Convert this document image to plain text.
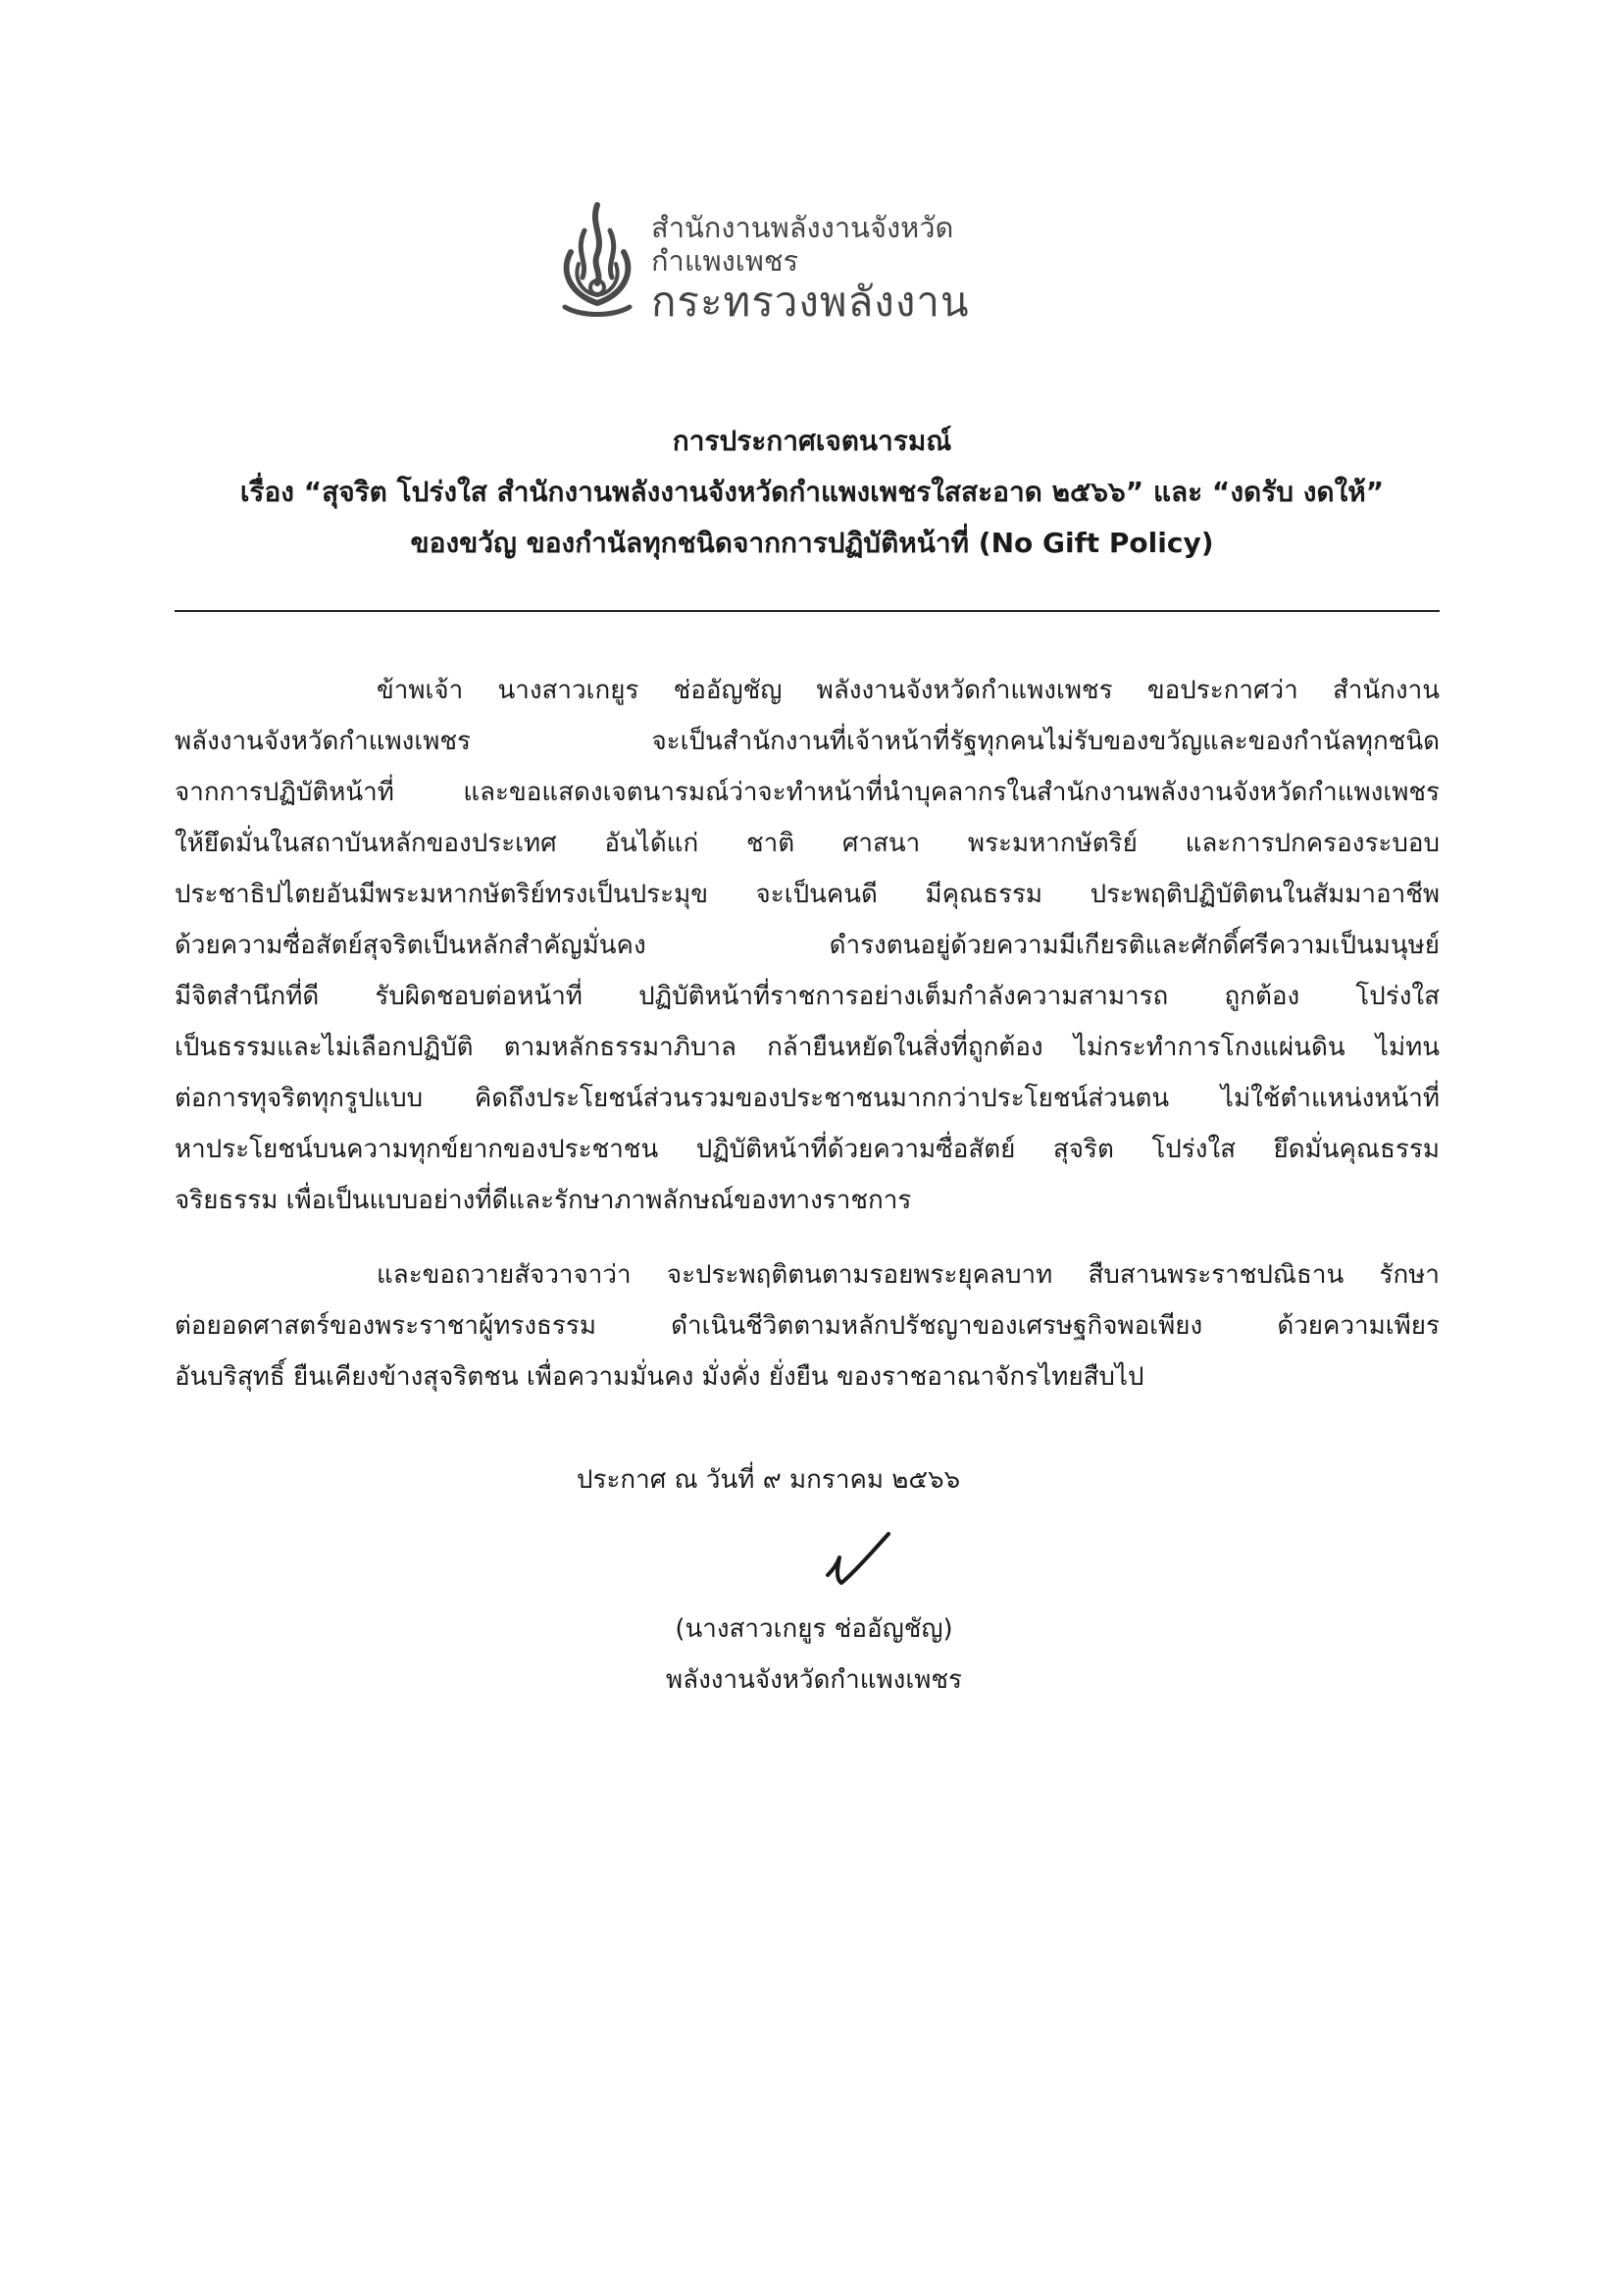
สำนักงานพลังงานจังหวัด
กำแพงเพชร
กระทรวงพลังงาน
การประกาศเจตนารมณ์
เรื่อง “สุจริต โปร่งใส สำนักงานพลังงานจังหวัดกำแพงเพชรใสสะอาด ๒๕๖๖” และ “งดรับ งดให้”
ของขวัญ ของกำนัลทุกชนิดจากการปฏิบัติหน้าที่ (No Gift Policy)
ข้าพเจ้า นางสาวเกยูร ช่ออัญชัญ พลังงานจังหวัดกำแพงเพชร ขอประกาศว่า สำนักงาน
พลังงานจังหวัดกำแพงเพชร จะเป็นสำนักงานที่เจ้าหน้าที่รัฐทุกคนไม่รับของขวัญและของกำนัลทุกชนิด
จากการปฏิบัติหน้าที่ และขอแสดงเจตนารมณ์ว่าจะทำหน้าที่นำบุคลากรในสำนักงานพลังงานจังหวัดกำแพงเพชร
ให้ยึดมั่นในสถาบันหลักของประเทศ อันได้แก่ ชาติ ศาสนา พระมหากษัตริย์ และการปกครองระบอบ
ประชาธิปไตยอันมีพระมหากษัตริย์ทรงเป็นประมุข จะเป็นคนดี มีคุณธรรม ประพฤติปฏิบัติตนในสัมมาอาชีพ
ด้วยความซื่อสัตย์สุจริตเป็นหลักสำคัญมั่นคง ดำรงตนอยู่ด้วยความมีเกียรติและศักดิ์ศรีความเป็นมนุษย์
มีจิตสำนึกที่ดี รับผิดชอบต่อหน้าที่ ปฏิบัติหน้าที่ราชการอย่างเต็มกำลังความสามารถ ถูกต้อง โปร่งใส
เป็นธรรมและไม่เลือกปฏิบัติ ตามหลักธรรมาภิบาล กล้ายืนหยัดในสิ่งที่ถูกต้อง ไม่กระทำการโกงแผ่นดิน ไม่ทน
ต่อการทุจริตทุกรูปแบบ คิดถึงประโยชน์ส่วนรวมของประชาชนมากกว่าประโยชน์ส่วนตน ไม่ใช้ตำแหน่งหน้าที่
หาประโยชน์บนความทุกข์ยากของประชาชน ปฏิบัติหน้าที่ด้วยความซื่อสัตย์ สุจริต โปร่งใส ยึดมั่นคุณธรรม
จริยธรรม เพื่อเป็นแบบอย่างที่ดีและรักษาภาพลักษณ์ของทางราชการ
และขอถวายสัจวาจาว่า จะประพฤติตนตามรอยพระยุคลบาท สืบสานพระราชปณิธาน รักษา
ต่อยอดศาสตร์ของพระราชาผู้ทรงธรรม ดำเนินชีวิตตามหลักปรัชญาของเศรษฐกิจพอเพียง ด้วยความเพียร
อันบริสุทธิ์ ยืนเคียงข้างสุจริตชน เพื่อความมั่นคง มั่งคั่ง ยั่งยืน ของราชอาณาจักรไทยสืบไป
ประกาศ ณ วันที่ ๙ มกราคม ๒๕๖๖
(นางสาวเกยูร ช่ออัญชัญ)
พลังงานจังหวัดกำแพงเพชร
